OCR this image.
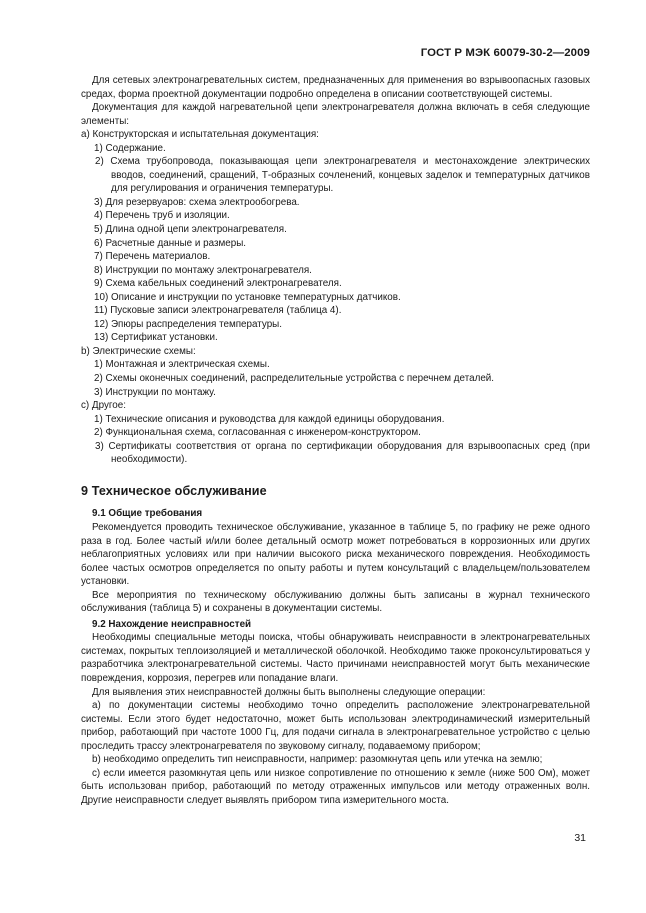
ГОСТ Р МЭК 60079-30-2—2009

Для сетевых электронагревательных систем, предназначенных для применения во взрывоопасных газовых средах, форма проектной документации подробно определена в описании соответствующей системы.

Документация для каждой нагревательной цепи электронагревателя должна включать в себя следующие элементы:

a) Конструкторская и испытательная документация:

1) Содержание.

2) Схема трубопровода, показывающая цепи электронагревателя и местонахождение электрических вводов, соединений, сращений, Т-образных сочленений, концевых заделок и температурных датчиков для регулирования и ограничения температуры.

3) Для резервуаров: схема электрообогрева.

4) Перечень труб и изоляции.

5) Длина одной цепи электронагревателя.

6) Расчетные данные и размеры.

7) Перечень материалов.

8) Инструкции по монтажу электронагревателя.

9) Схема кабельных соединений электронагревателя.

10) Описание и инструкции по установке температурных датчиков.

11) Пусковые записи электронагревателя (таблица 4).

12) Эпюры распределения температуры.

13) Сертификат установки.

b) Электрические схемы:

1) Монтажная и электрическая схемы.

2) Схемы оконечных соединений, распределительные устройства с перечнем деталей.

3) Инструкции по монтажу.

c) Другое:

1) Технические описания и руководства для каждой единицы оборудования.

2) Функциональная схема, согласованная с инженером-конструктором.

3) Сертификаты соответствия от органа по сертификации оборудования для взрывоопасных сред (при необходимости).

9 Техническое обслуживание

9.1 Общие требования

Рекомендуется проводить техническое обслуживание, указанное в таблице 5, по графику не реже одного раза в год. Более частый и/или более детальный осмотр может потребоваться в коррозионных или других неблагоприятных условиях или при наличии высокого риска механического повреждения. Необходимость более частых осмотров определяется по опыту работы и путем консультаций с владельцем/пользователем установки.

Все мероприятия по техническому обслуживанию должны быть записаны в журнал технического обслуживания (таблица 5) и сохранены в документации системы.

9.2 Нахождение неисправностей

Необходимы специальные методы поиска, чтобы обнаруживать неисправности в электронагревательных системах, покрытых теплоизоляцией и металлической оболочкой. Необходимо также проконсультироваться у разработчика электронагревательной системы. Часто причинами неисправностей могут быть механические повреждения, коррозия, перегрев или попадание влаги.

Для выявления этих неисправностей должны быть выполнены следующие операции:

а) по документации системы необходимо точно определить расположение электронагревательной системы. Если этого будет недостаточно, может быть использован электродинамический измерительный прибор, работающий при частоте 1000 Гц, для подачи сигнала в электронагревательное устройство с целью проследить трассу электронагревателя по звуковому сигналу, подаваемому прибором;

b) необходимо определить тип неисправности, например: разомкнутая цепь или утечка на землю;

c) если имеется разомкнутая цепь или низкое сопротивление по отношению к земле (ниже 500 Ом), может быть использован прибор, работающий по методу отраженных импульсов или методу отраженных волн. Другие неисправности следует выявлять прибором типа измерительного моста.

31
